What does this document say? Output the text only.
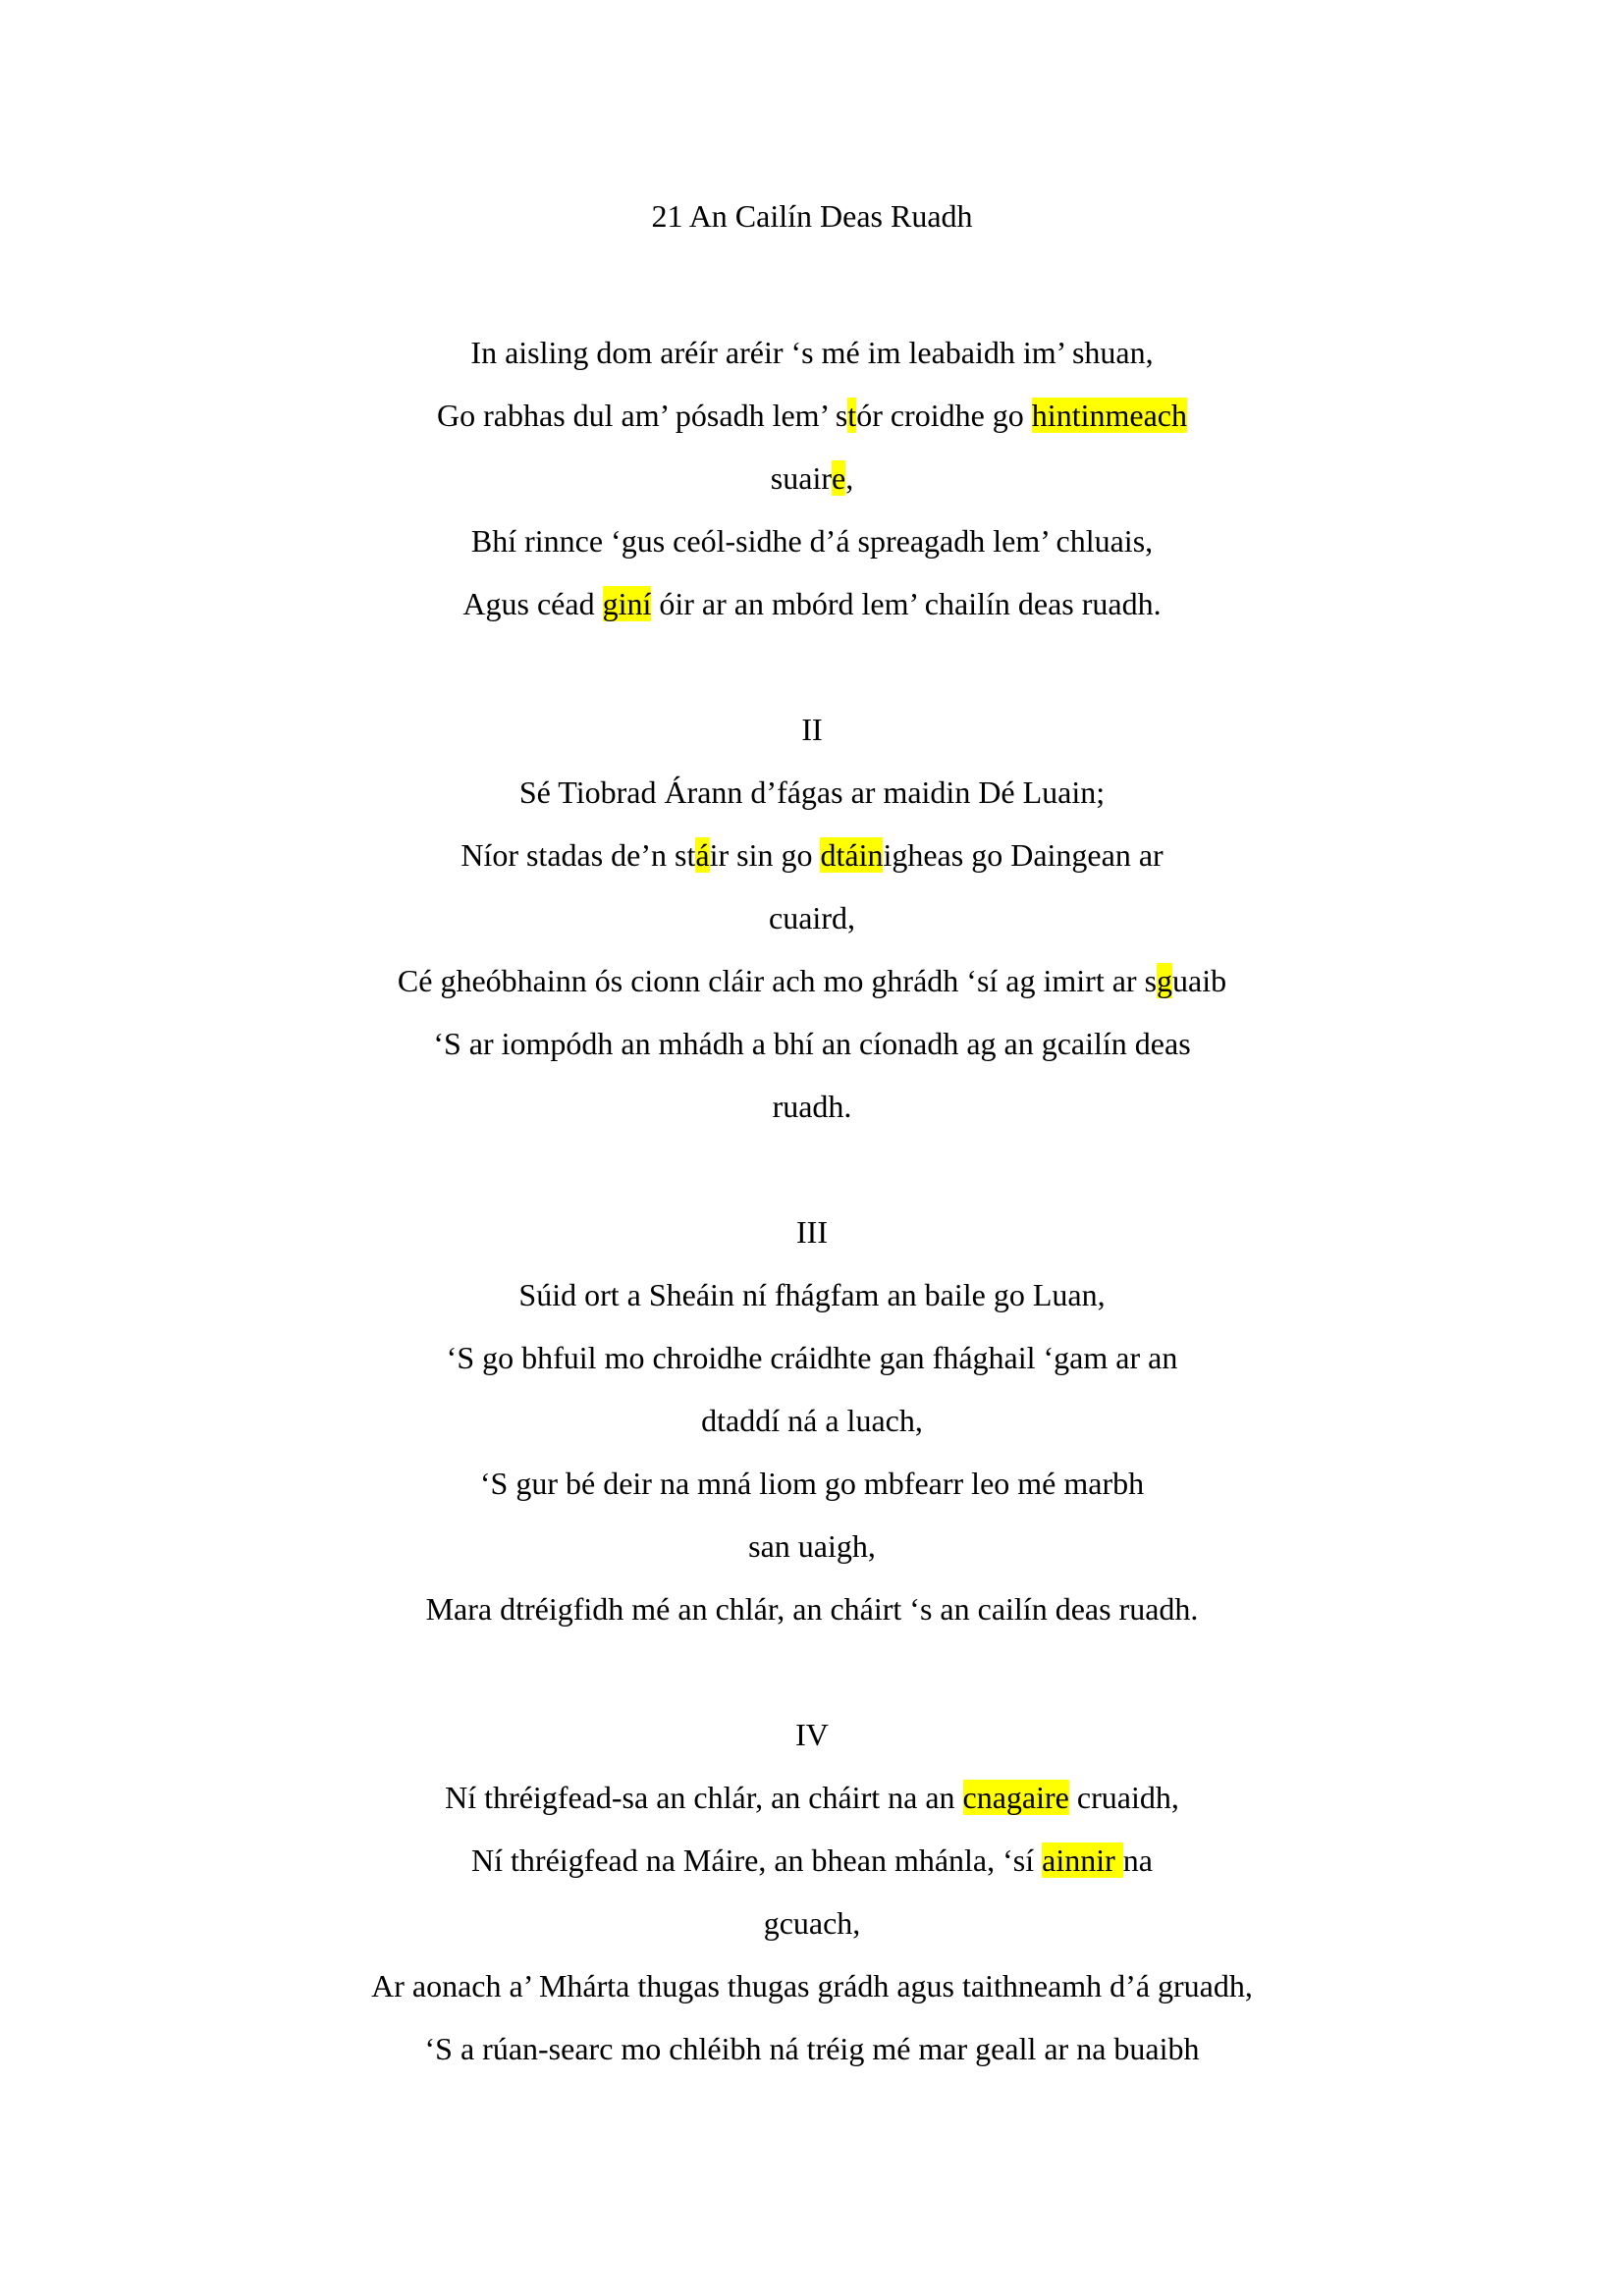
21 An Cailín Deas Ruadh
In aisling dom aréír aréir ‘s mé im leabaidh im’ shuan,
Go rabhas dul am’ pósadh lem’ stór croidhe go hintinmeach
suaire,
Bhí rinnce ‘gus ceól-sidhe d’á spreagadh lem’ chluais,
Agus céad giní óir ar an mbórd lem’ chailín deas ruadh.
II
Sé Tiobrad Árann d’fágas ar maidin Dé Luain;
Níor stadas de’n stáir sin go dtáinigheas go Daingean ar
cuaird,
Cé gheóbhainn ós cionn cláir ach mo ghrádh ‘sí ag imirt ar sguaib
‘S ar iompódh an mhádh a bhí an cíonadh ag an gcailín deas
ruadh.
III
Súid ort a Sheáin ní fhágfam an baile go Luan,
‘S go bhfuil mo chroidhe cráidhte gan fhághail ‘gam ar an
dtaddí ná a luach,
‘S gur bé deir na mná liom go mbfearr leo mé marbh
san uaigh,
Mara dtréigfidh mé an chlár, an cháirt ‘s an cailín deas ruadh.
IV
Ní thréigfead-sa an chlár, an cháirt na an cnagaire cruaidh,
Ní thréigfead na Máire, an bhean mhánla, ‘sí ainnir na
gcuach,
Ar aonach a’ Mhárta thugas thugas grádh agus taithneamh d’á gruadh,
‘S a rúan-searc mo chléibh ná tréig mé mar geall ar na buaibh
